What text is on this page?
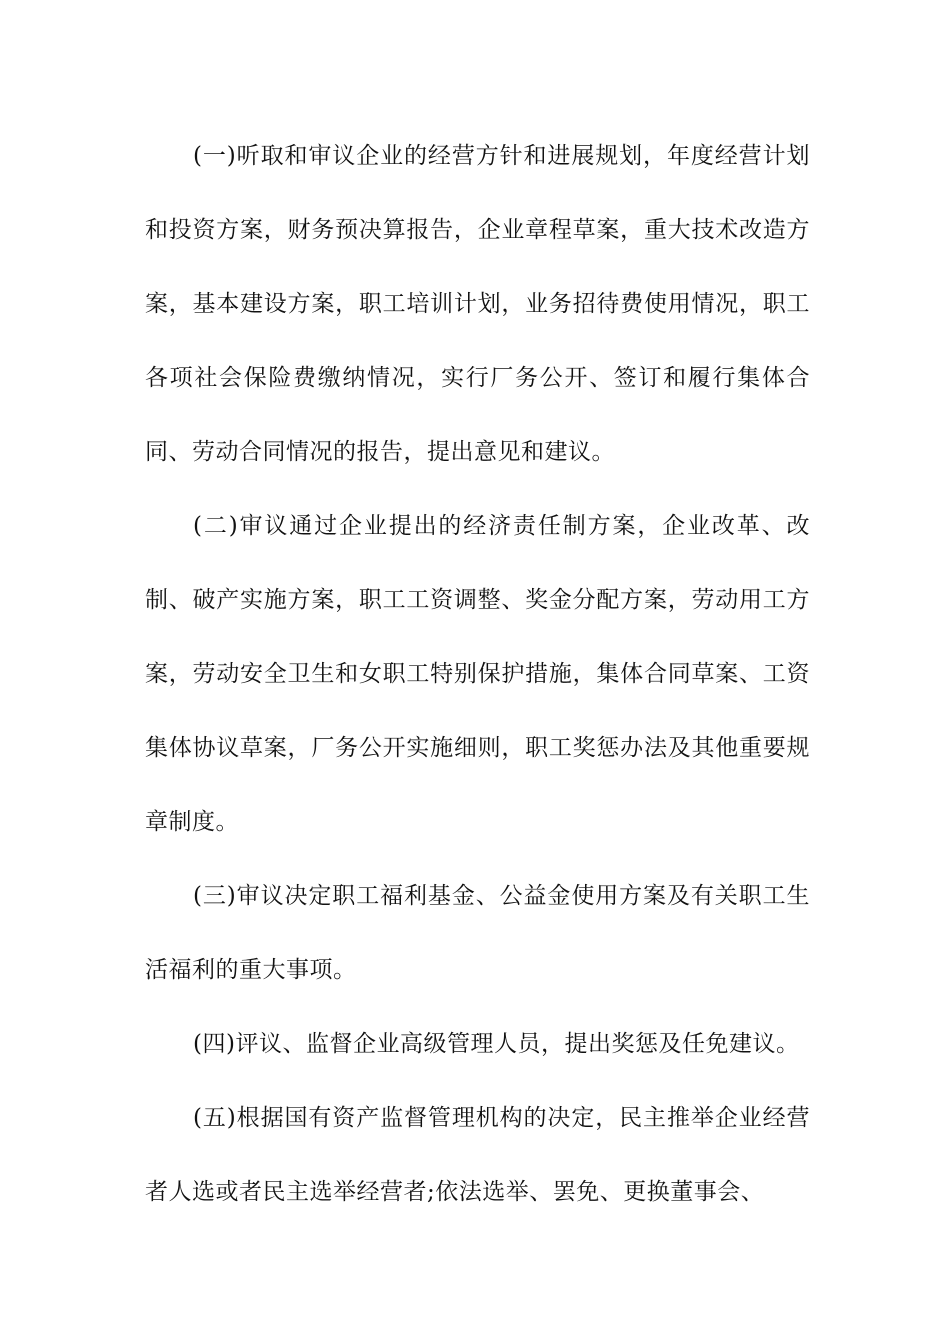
(一)听取和审议企业的经营方针和进展规划，年度经营计划和投资方案，财务预决算报告，企业章程草案，重大技术改造方案，基本建设方案，职工培训计划，业务招待费使用情况，职工各项社会保险费缴纳情况，实行厂务公开、签订和履行集体合同、劳动合同情况的报告，提出意见和建议。

(二)审议通过企业提出的经济责任制方案，企业改革、改制、破产实施方案，职工工资调整、奖金分配方案，劳动用工方案，劳动安全卫生和女职工特别保护措施，集体合同草案、工资集体协议草案，厂务公开实施细则，职工奖惩办法及其他重要规章制度。

(三)审议决定职工福利基金、公益金使用方案及有关职工生活福利的重大事项。

(四)评议、监督企业高级管理人员，提出奖惩及任免建议。

(五)根据国有资产监督管理机构的决定，民主推举企业经营者人选或者民主选举经营者;依法选举、罢免、更换董事会、
